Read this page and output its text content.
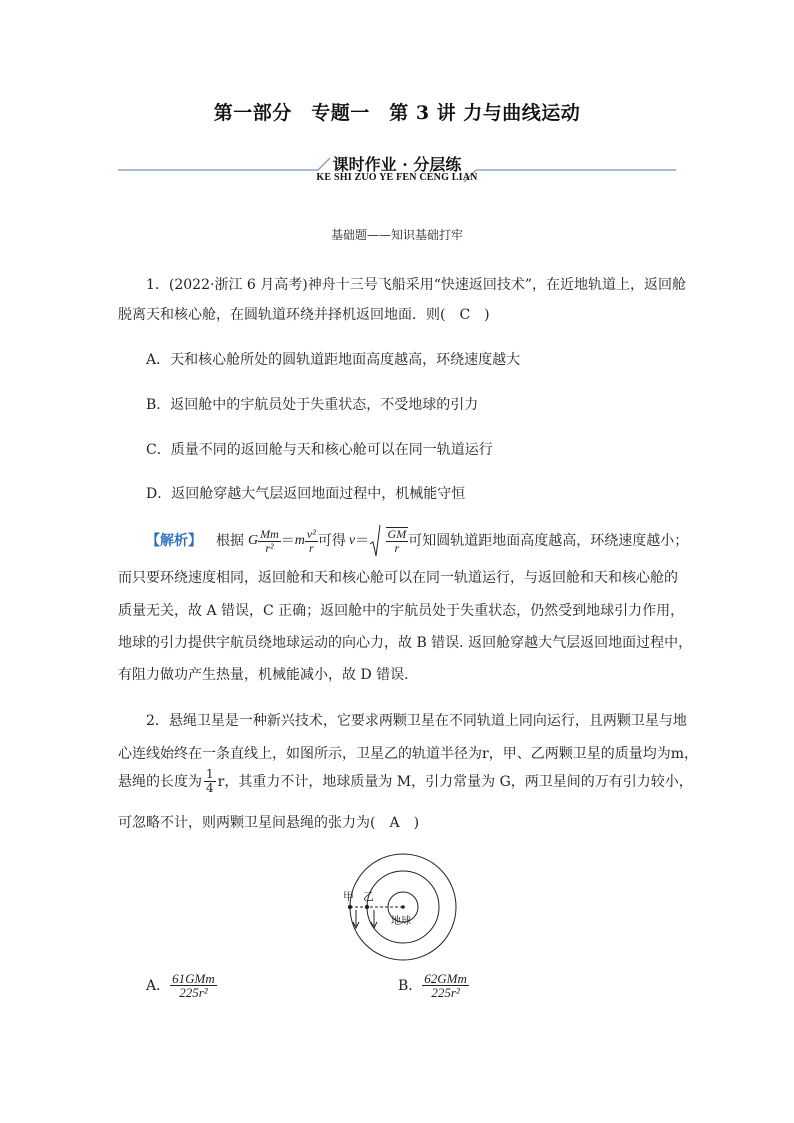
第一部分　专题一　第 3 讲 力与曲线运动
课时作业 · 分层练
KE SHI ZUO YE FEN CENG LIAN
基础题——知识基础打牢
1．(2022·浙江 6 月高考)神舟十三号飞船采用“快速返回技术”，在近地轨道上，返回舱
脱离天和核心舱，在圆轨道环绕并择机返回地面．则(　C　)
A．天和核心舱所处的圆轨道距地面高度越高，环绕速度越大
B．返回舱中的宇航员处于失重状态，不受地球的引力
C．质量不同的返回舱与天和核心舱可以在同一轨道运行
D．返回舱穿越大气层返回地面过程中，机械能守恒
【解析】 根据 G $\frac{Mm}{\text{r²}} = m \frac{\text{v²}}{r}$ 可得 v ＝
$\frac{GM}{r}$ 可知圆轨道距地面高度越高，环绕速度越小；
而只要环绕速度相同，返回舱和天和核心舱可以在同一轨道运行，与返回舱和天和核心舱的
质量无关，故 A 错误，C 正确；返回舱中的宇航员处于失重状态，仍然受到地球引力作用，
地球的引力提供宇航员绕地球运动的向心力，故 B 错误. 返回舱穿越大气层返回地面过程中，
有阻力做功产生热量，机械能减小，故 D 错误．
2．悬绳卫星是一种新兴技术，它要求两颗卫星在不同轨道上同向运行，且两颗卫星与地
心连线始终在一条直线上，如图所示，卫星乙的轨道半径为r，甲、乙两颗卫星的质量均为m，
悬绳的长度为 $\frac{1}{4}$ r，其重力不计，地球质量为 M，引力常量为 G，两卫星间的万有引力较小，
可忽略不计，则两颗卫星间悬绳的张力为(　A　)
甲 乙
地球
A． $\frac{\text{61GMm}}{\text{225r²}}$	B． $\frac{\text{62GMm}}{\text{225r²}}$
